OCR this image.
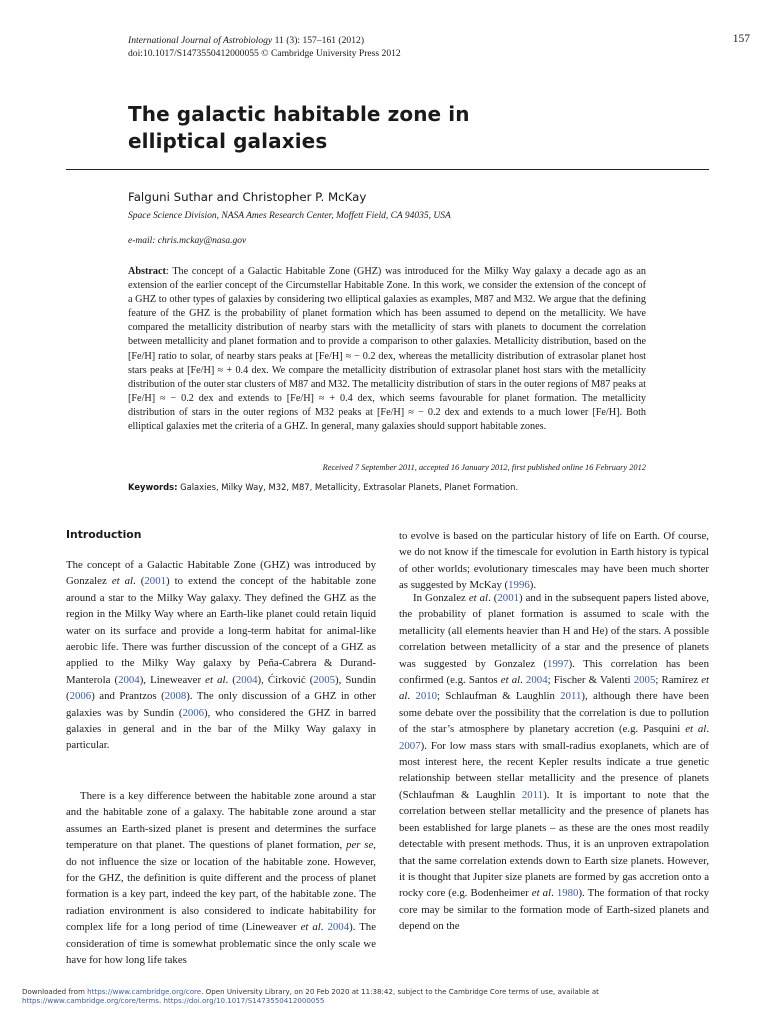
International Journal of Astrobiology 11 (3): 157–161 (2012)
doi:10.1017/S1473550412000055 © Cambridge University Press 2012
157
The galactic habitable zone in
elliptical galaxies
Falguni Suthar and Christopher P. McKay
Space Science Division, NASA Ames Research Center, Moffett Field, CA 94035, USA
e-mail: chris.mckay@nasa.gov

Abstract: The concept of a Galactic Habitable Zone (GHZ) was introduced for the Milky Way galaxy a decade ago as an extension of the earlier concept of the Circumstellar Habitable Zone. In this work, we consider the extension of the concept of a GHZ to other types of galaxies by considering two elliptical galaxies as examples, M87 and M32. We argue that the defining feature of the GHZ is the probability of planet formation which has been assumed to depend on the metallicity. We have compared the metallicity distribution of nearby stars with the metallicity of stars with planets to document the correlation between metallicity and planet formation and to provide a comparison to other galaxies. Metallicity distribution, based on the [Fe/H] ratio to solar, of nearby stars peaks at [Fe/H] ≈ − 0.2 dex, whereas the metallicity distribution of extrasolar planet host stars peaks at [Fe/H] ≈ + 0.4 dex. We compare the metallicity distribution of extrasolar planet host stars with the metallicity distribution of the outer star clusters of M87 and M32. The metallicity distribution of stars in the outer regions of M87 peaks at [Fe/H] ≈ − 0.2 dex and extends to [Fe/H] ≈ + 0.4 dex, which seems favourable for planet formation. The metallicity distribution of stars in the outer regions of M32 peaks at [Fe/H] ≈ − 0.2 dex and extends to a much lower [Fe/H]. Both elliptical galaxies met the criteria of a GHZ. In general, many galaxies should support habitable zones.

Received 7 September 2011, accepted 16 January 2012, first published online 16 February 2012
Keywords: Galaxies, Milky Way, M32, M87, Metallicity, Extrasolar Planets, Planet Formation.
Introduction

The concept of a Galactic Habitable Zone (GHZ) was introduced by Gonzalez et al. (2001) to extend the concept of the habitable zone around a star to the Milky Way galaxy. They defined the GHZ as the region in the Milky Way where an Earth-like planet could retain liquid water on its surface and provide a long-term habitat for animal-like aerobic life. There was further discussion of the concept of a GHZ as applied to the Milky Way galaxy by Peña-Cabrera & Durand-Manterola (2004), Lineweaver et al. (2004), Ćirković (2005), Sundin (2006) and Prantzos (2008). The only discussion of a GHZ in other galaxies was by Sundin (2006), who considered the GHZ in barred galaxies in general and in the bar of the Milky Way galaxy in particular.

There is a key difference between the habitable zone around a star and the habitable zone of a galaxy. The habitable zone around a star assumes an Earth-sized planet is present and determines the surface temperature on that planet. The questions of planet formation, per se, do not influence the size or location of the habitable zone. However, for the GHZ, the definition is quite different and the process of planet formation is a key part, indeed the key part, of the habitable zone. The radiation environment is also considered to indicate habitability for complex life for a long period of time (Lineweaver et al. 2004). The consideration of time is somewhat problematic since the only scale we have for how long life takes

to evolve is based on the particular history of life on Earth. Of course, we do not know if the timescale for evolution in Earth history is typical of other worlds; evolutionary timescales may have been much shorter as suggested by McKay (1996).

In Gonzalez et al. (2001) and in the subsequent papers listed above, the probability of planet formation is assumed to scale with the metallicity (all elements heavier than H and He) of the stars. A possible correlation between metallicity of a star and the presence of planets was suggested by Gonzalez (1997). This correlation has been confirmed (e.g. Santos et al. 2004; Fischer & Valenti 2005; Ramírez et al. 2010; Schlaufman & Laughlin 2011), although there have been some debate over the possibility that the correlation is due to pollution of the star’s atmosphere by planetary accretion (e.g. Pasquini et al. 2007). For low mass stars with small-radius exoplanets, which are of most interest here, the recent Kepler results indicate a true genetic relationship between stellar metallicity and the presence of planets (Schlaufman & Laughlin 2011). It is important to note that the correlation between stellar metallicity and the presence of planets has been established for large planets – as these are the ones most readily detectable with present methods. Thus, it is an unproven extrapolation that the same correlation extends down to Earth size planets. However, it is thought that Jupiter size planets are formed by gas accretion onto a rocky core (e.g. Bodenheimer et al. 1980). The formation of that rocky core may be similar to the formation mode of Earth-sized planets and depend on the

Downloaded from https://www.cambridge.org/core. Open University Library, on 20 Feb 2020 at 11:38:42, subject to the Cambridge Core terms of use, available at
https://www.cambridge.org/core/terms. https://doi.org/10.1017/S1473550412000055
